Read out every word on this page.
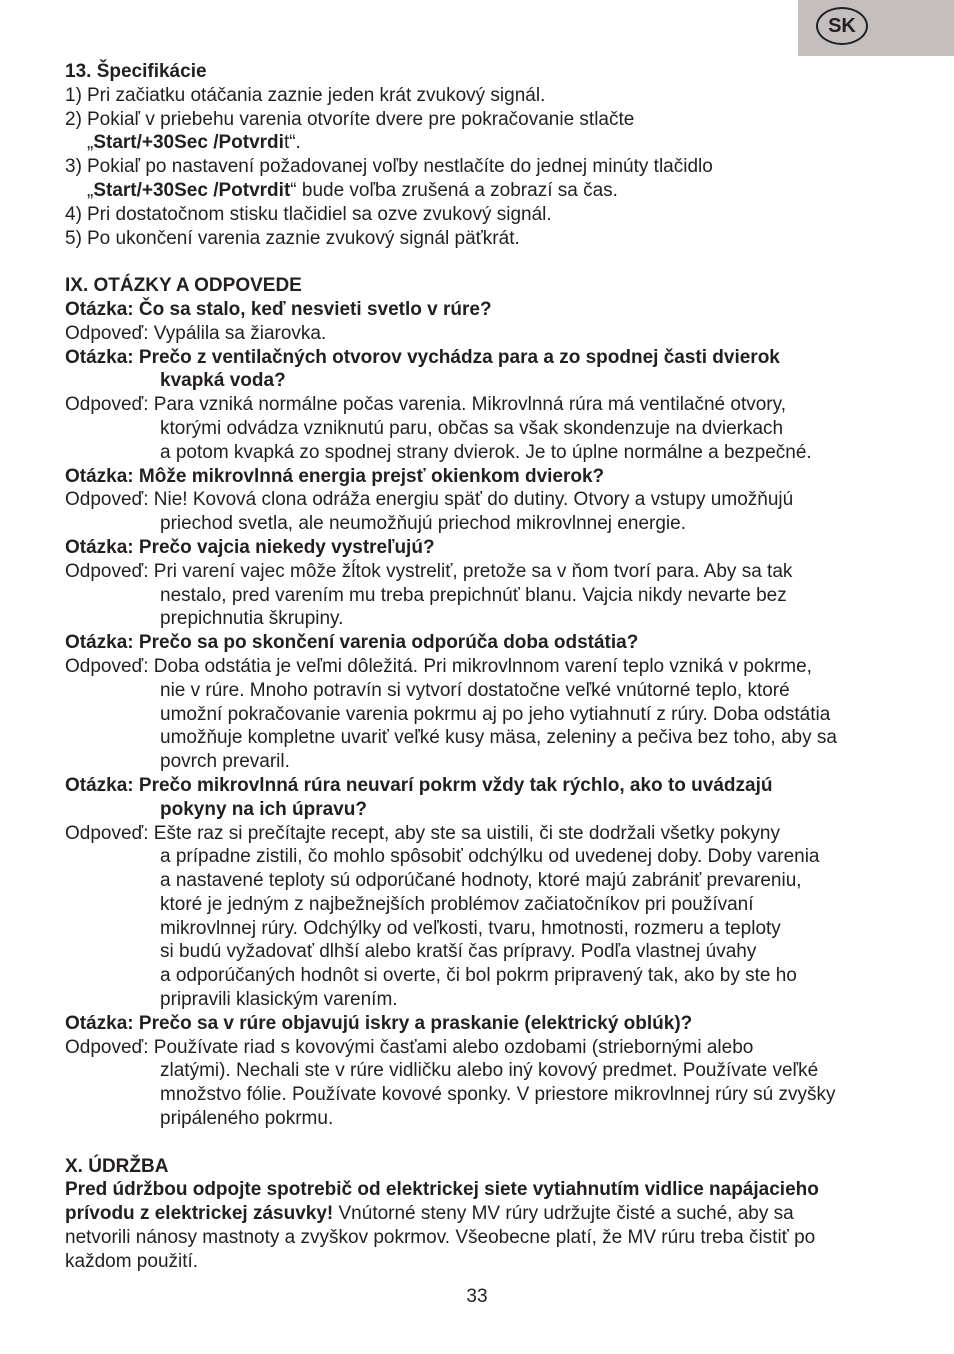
SK
13. Špecifikácie
1) Pri začiatku otáčania zaznie jeden krát zvukový signál.
2) Pokiaľ v priebehu varenia otvoríte dvere pre pokračovanie stlačte
„Start/+30Sec /Potvrdit“.
3) Pokiaľ po nastavení požadovanej voľby nestlačíte do jednej minúty tlačidlo
„Start/+30Sec /Potvrdit“ bude voľba zrušená a zobrazí sa čas.
4) Pri dostatočnom stisku tlačidiel sa ozve zvukový signál.
5) Po ukončení varenia zaznie zvukový signál päťkrát.
IX. OTÁZKY A ODPOVEDE
Otázka: Čo sa stalo, keď nesvieti svetlo v rúre?
Odpoveď: Vypálila sa žiarovka.
Otázka: Prečo z ventilačných otvorov vychádza para a zo spodnej časti dvierok
kvapká voda?
Odpoveď: Para vzniká normálne počas varenia. Mikrovlnná rúra má ventilačné otvory,
ktorými odvádza vzniknutú paru, občas sa však skondenzuje na dvierkach
a potom kvapká zo spodnej strany dvierok. Je to úplne normálne a bezpečné.
Otázka: Môže mikrovlnná energia prejsť okienkom dvierok?
Odpoveď: Nie! Kovová clona odráža energiu späť do dutiny. Otvory a vstupy umožňujú
priechod svetla, ale neumožňujú priechod mikrovlnnej energie.
Otázka: Prečo vajcia niekedy vystreľujú?
Odpoveď: Pri varení vajec môže žĺtok vystreliť, pretože sa v ňom tvorí para. Aby sa tak
nestalo, pred varením mu treba prepichnúť blanu. Vajcia nikdy nevarte bez
prepichnutia škrupiny.
Otázka: Prečo sa po skončení varenia odporúča doba odstátia?
Odpoveď: Doba odstátia je veľmi dôležitá. Pri mikrovlnnom varení teplo vzniká v pokrme,
nie v rúre. Mnoho potravín si vytvorí dostatočne veľké vnútorné teplo, ktoré
umožní pokračovanie varenia pokrmu aj po jeho vytiahnutí z rúry. Doba odstátia
umožňuje kompletne uvariť veľké kusy mäsa, zeleniny a pečiva bez toho, aby sa
povrch prevaril.
Otázka: Prečo mikrovlnná rúra neuvarí pokrm vždy tak rýchlo, ako to uvádzajú
pokyny na ich úpravu?
Odpoveď: Ešte raz si prečítajte recept, aby ste sa uistili, či ste dodržali všetky pokyny
a prípadne zistili, čo mohlo spôsobiť odchýlku od uvedenej doby. Doby varenia
a nastavené teploty sú odporúčané hodnoty, ktoré majú zabrániť prevareniu,
ktoré je jedným z najbežnejších problémov začiatočníkov pri používaní
mikrovlnnej rúry. Odchýlky od veľkosti, tvaru, hmotnosti, rozmeru a teploty
si budú vyžadovať dlhší alebo kratší čas prípravy. Podľa vlastnej úvahy
a odporúčaných hodnôt si overte, či bol pokrm pripravený tak, ako by ste ho
pripravili klasickým varením.
Otázka: Prečo sa v rúre objavujú iskry a praskanie (elektrický oblúk)?
Odpoveď: Používate riad s kovovými časťami alebo ozdobami (striebornými alebo
zlatými). Nechali ste v rúre vidličku alebo iný kovový predmet. Používate veľké
množstvo fólie. Používate kovové sponky. V priestore mikrovlnnej rúry sú zvyšky
pripáleného pokrmu.
X. ÚDRŽBA
Pred údržbou odpojte spotrebič od elektrickej siete vytiahnutím vidlice napájacieho
prívodu z elektrickej zásuvky! Vnútorné steny MV rúry udržujte čisté a suché, aby sa
netvorili nánosy mastnoty a zvyškov pokrmov. Všeobecne platí, že MV rúru treba čistiť po
každom použití.
33
